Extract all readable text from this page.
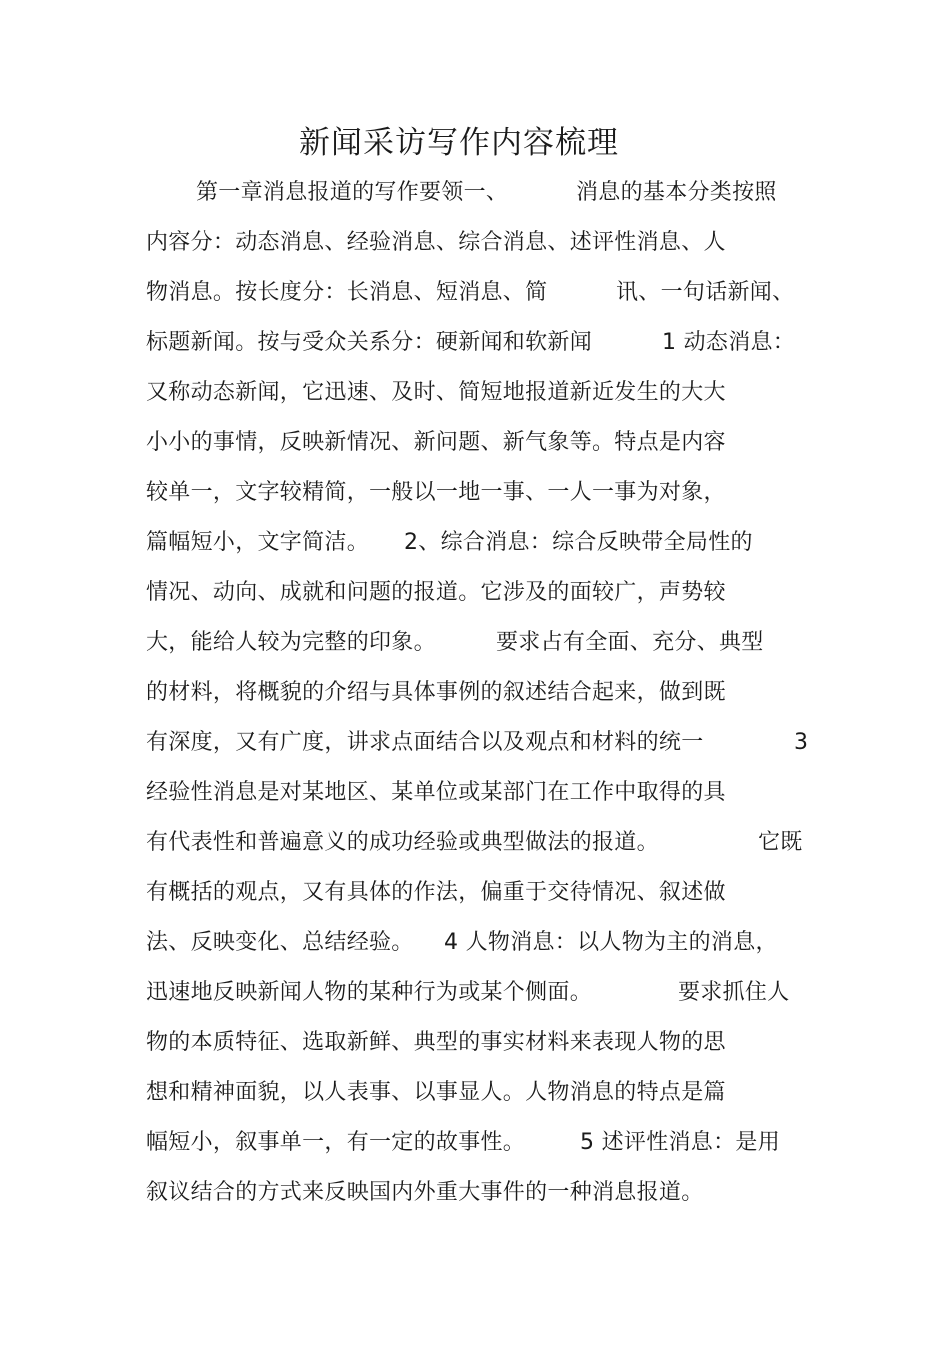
新闻采访写作内容梳理
第一章消息报道的写作要领一、	消息的基本分类按照
内容分：动态消息、经验消息、综合消息、述评性消息、人
物消息。按长度分：长消息、短消息、简	讯、一句话新闻、
标题新闻。按与受众关系分：硬新闻和软新闻	1 动态消息：
又称动态新闻，它迅速、及时、简短地报道新近发生的大大
小小的事情，反映新情况、新问题、新气象等。特点是内容
较单一，文字较精简，一般以一地一事、一人一事为对象，
篇幅短小，文字简洁。 2、综合消息：综合反映带全局性的
情况、动向、成就和问题的报道。它涉及的面较广，声势较
大，能给人较为完整的印象。	要求占有全面、充分、典型
的材料，将概貌的介绍与具体事例的叙述结合起来，做到既
有深度，又有广度，讲求点面结合以及观点和材料的统一	3
经验性消息是对某地区、某单位或某部门在工作中取得的具
有代表性和普遍意义的成功经验或典型做法的报道。	它既
有概括的观点，又有具体的作法，偏重于交待情况、叙述做
法、反映变化、总结经验。 4 人物消息：以人物为主的消息，
迅速地反映新闻人物的某种行为或某个侧面。	要求抓住人
物的本质特征、选取新鲜、典型的事实材料来表现人物的思
想和精神面貌，以人表事、以事显人。人物消息的特点是篇
幅短小，叙事单一，有一定的故事性。 5 述评性消息：是用
叙议结合的方式来反映国内外重大事件的一种消息报道。
